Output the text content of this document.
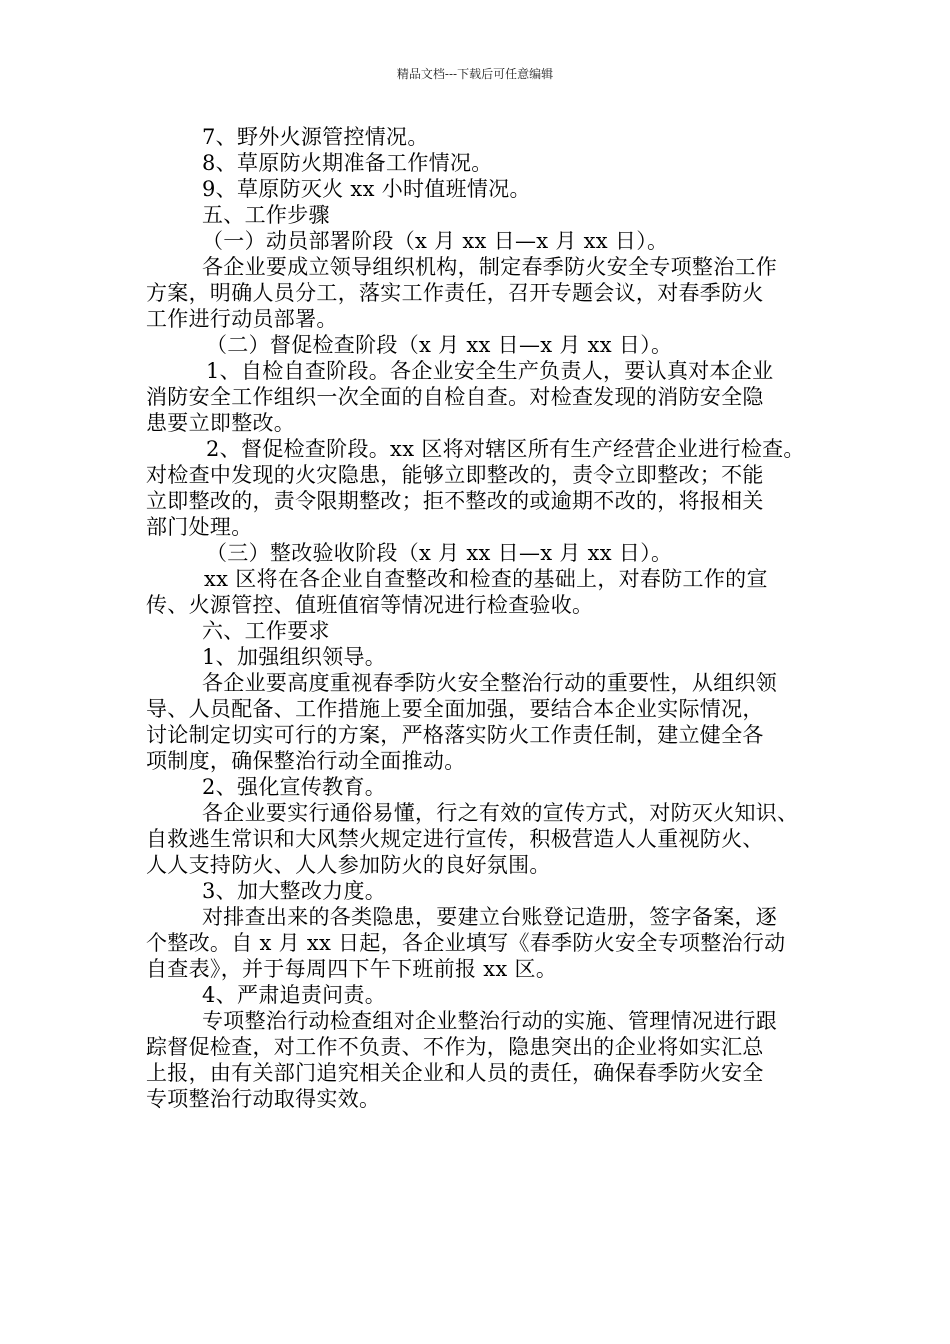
精品文档---下载后可任意编辑
7、野外火源管控情况。
8、草原防火期准备工作情况。
9、草原防灭火 xx 小时值班情况。
五、工作步骤
（一）动员部署阶段（x 月 xx 日—x 月 xx 日）。
各企业要成立领导组织机构，制定春季防火安全专项整治工作
方案，明确人员分工，落实工作责任，召开专题会议，对春季防火
工作进行动员部署。
（二）督促检查阶段（x 月 xx 日—x 月 xx 日）。
1、自检自查阶段。各企业安全生产负责人，要认真对本企业
消防安全工作组织一次全面的自检自查。对检查发现的消防安全隐
患要立即整改。
2、督促检查阶段。xx 区将对辖区所有生产经营企业进行检查。
对检查中发现的火灾隐患，能够立即整改的，责令立即整改；不能
立即整改的，责令限期整改；拒不整改的或逾期不改的，将报相关
部门处理。
（三）整改验收阶段（x 月 xx 日—x 月 xx 日）。
xx 区将在各企业自查整改和检查的基础上，对春防工作的宣
传、火源管控、值班值宿等情况进行检查验收。
六、工作要求
1、加强组织领导。
各企业要高度重视春季防火安全整治行动的重要性，从组织领
导、人员配备、工作措施上要全面加强，要结合本企业实际情况，
讨论制定切实可行的方案，严格落实防火工作责任制，建立健全各
项制度，确保整治行动全面推动。
2、强化宣传教育。
各企业要实行通俗易懂，行之有效的宣传方式，对防灭火知识、
自救逃生常识和大风禁火规定进行宣传，积极营造人人重视防火、
人人支持防火、人人参加防火的良好氛围。
3、加大整改力度。
对排查出来的各类隐患，要建立台账登记造册，签字备案，逐
个整改。自 x 月 xx 日起，各企业填写《春季防火安全专项整治行动
自查表》，并于每周四下午下班前报 xx 区。
4、严肃追责问责。
专项整治行动检查组对企业整治行动的实施、管理情况进行跟
踪督促检查，对工作不负责、不作为，隐患突出的企业将如实汇总
上报，由有关部门追究相关企业和人员的责任，确保春季防火安全
专项整治行动取得实效。
